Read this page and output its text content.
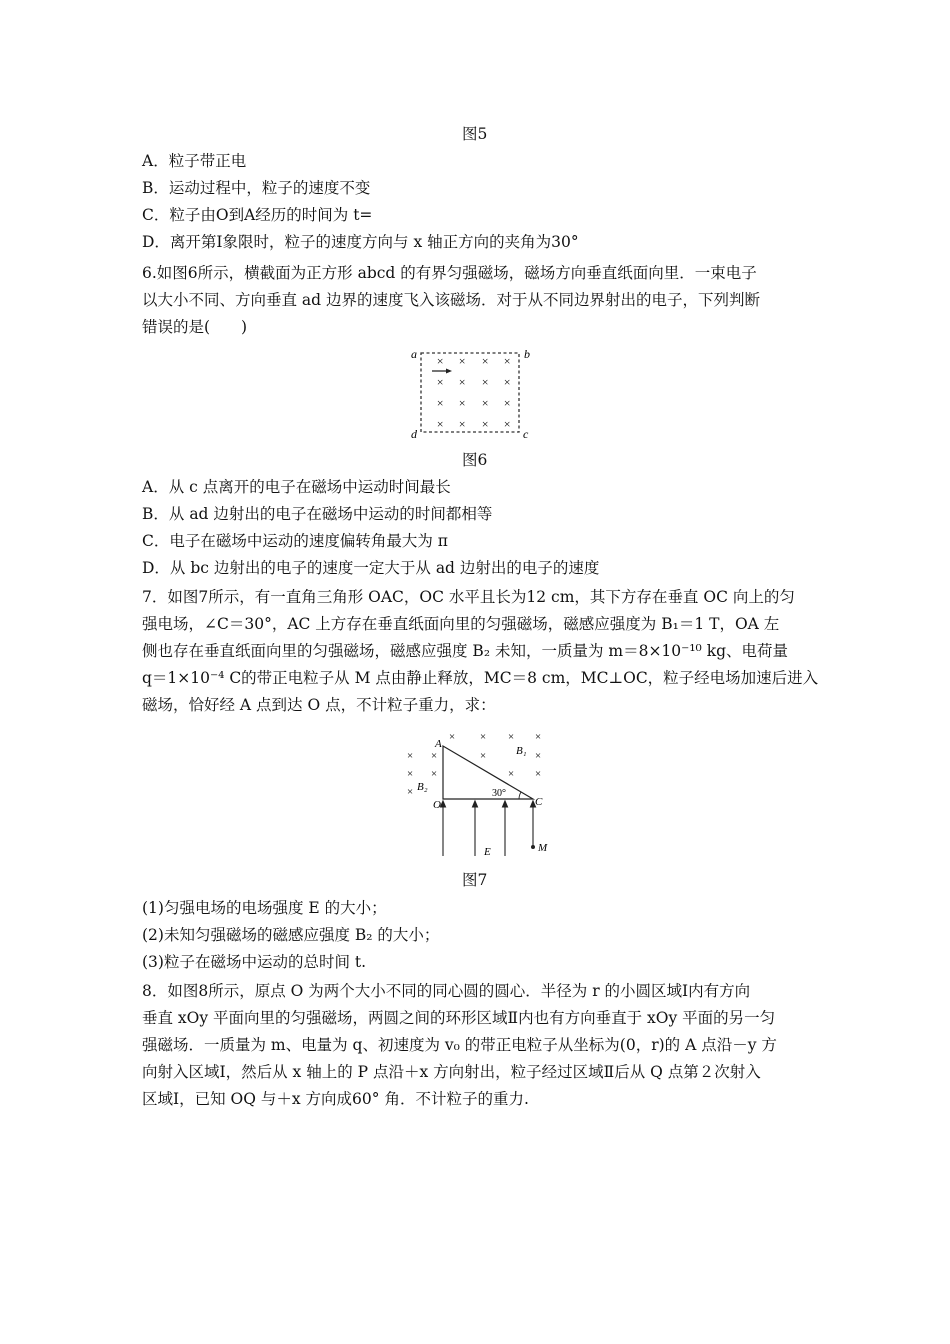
图5
A．粒子带正电
B．运动过程中，粒子的速度不变
C．粒子由O到A经历的时间为 t=
D．离开第Ⅰ象限时，粒子的速度方向与 x 轴正方向的夹角为30°
6.如图6所示，横截面为正方形 abcd 的有界匀强磁场，磁场方向垂直纸面向里．一束电子
以大小不同、方向垂直 ad 边界的速度飞入该磁场．对于从不同边界射出的电子，下列判断
错误的是(　　)
a	b
c
d
× × × ×
× × × ×
× × × ×
× × × ×
图6
A．从 c 点离开的电子在磁场中运动时间最长
B．从 ad 边射出的电子在磁场中运动的时间都相等
C．电子在磁场中运动的速度偏转角最大为 π
D．从 bc 边射出的电子的速度一定大于从 ad 边射出的电子的速度
7．如图7所示，有一直角三角形 OAC，OC 水平且长为12 cm，其下方存在垂直 OC 向上的匀
强电场，∠C＝30°，AC 上方存在垂直纸面向里的匀强磁场，磁感应强度为 B₁＝1 T，OA 左
侧也存在垂直纸面向里的匀强磁场，磁感应强度 B₂ 未知，一质量为 m＝8×10⁻¹⁰ kg、电荷量
q＝1×10⁻⁴ C的带正电粒子从 M 点由静止释放，MC＝8 cm，MC⊥OC，粒子经电场加速后进入
磁场，恰好经 A 点到达 O 点，不计粒子重力，求：
× × × ×
×	×
× ×
× ×
× ×
×
A
O	C
B₁
B₂
30°
E	M
图7
(1)匀强电场的电场强度 E 的大小；
(2)未知匀强磁场的磁感应强度 B₂ 的大小；
(3)粒子在磁场中运动的总时间 t.
8．如图8所示，原点 O 为两个大小不同的同心圆的圆心．半径为 r 的小圆区域Ⅰ内有方向
垂直 xOy 平面向里的匀强磁场，两圆之间的环形区域Ⅱ内也有方向垂直于 xOy 平面的另一匀
强磁场．一质量为 m、电量为 q、初速度为 v₀ 的带正电粒子从坐标为(0，r)的 A 点沿－y 方
向射入区域Ⅰ，然后从 x 轴上的 P 点沿＋x 方向射出，粒子经过区域Ⅱ后从 Q 点第２次射入
区域Ⅰ，已知 OQ 与＋x 方向成60° 角．不计粒子的重力.
